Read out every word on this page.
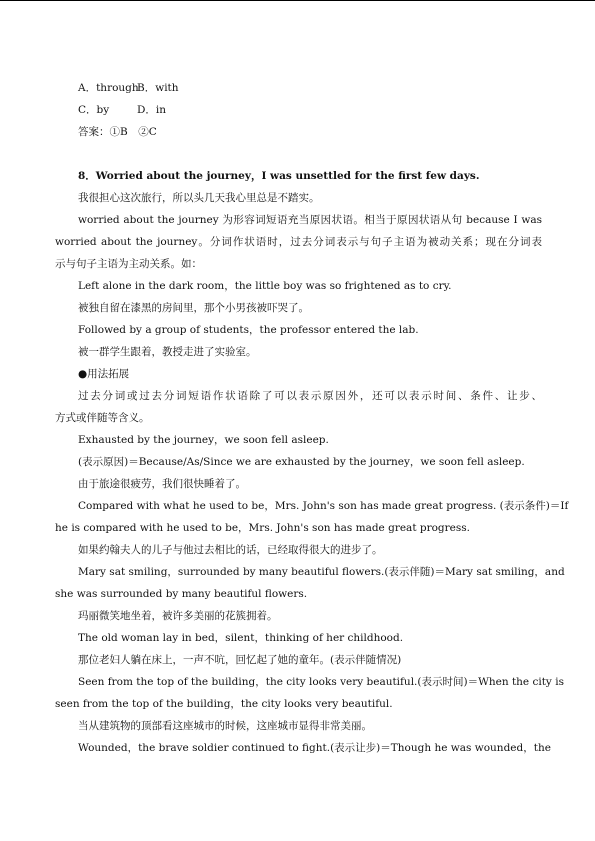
A．throughB．with
C．by	D．in
答案：①B　②C
8．Worried about the journey，I was unsettled for the first few days.
我很担心这次旅行，所以头几天我心里总是不踏实。
worried about the journey 为形容词短语充当原因状语。相当于原因状语从句 because I was
worried about the journey。分词作状语时，过去分词表示与句子主语为被动关系；现在分词表
示与句子主语为主动关系。如：
Left alone in the dark room，the little boy was so frightened as to cry.
被独自留在漆黑的房间里，那个小男孩被吓哭了。
Followed by a group of students，the professor entered the lab.
被一群学生跟着，教授走进了实验室。
●用法拓展
过去分词或过去分词短语作状语除了可以表示原因外，还可以表示时间、条件、让步、
方式或伴随等含义。
Exhausted by the journey，we soon fell asleep.
(表示原因)＝Because/As/Since we are exhausted by the journey，we soon fell asleep.
由于旅途很疲劳，我们很快睡着了。
Compared with what he used to be，Mrs. John's son has made great progress. (表示条件)＝If
he is compared with he used to be，Mrs. John's son has made great progress.
如果约翰夫人的儿子与他过去相比的话，已经取得很大的进步了。
Mary sat smiling，surrounded by many beautiful flowers.(表示伴随)＝Mary sat smiling，and
she was surrounded by many beautiful flowers.
玛丽微笑地坐着，被许多美丽的花簇拥着。
The old woman lay in bed，silent，thinking of her childhood.
那位老妇人躺在床上，一声不吭，回忆起了她的童年。(表示伴随情况)
Seen from the top of the building，the city looks very beautiful.(表示时间)＝When the city is
seen from the top of the building，the city looks very beautiful.
当从建筑物的顶部看这座城市的时候，这座城市显得非常美丽。
Wounded，the brave soldier continued to fight.(表示让步)＝Though he was wounded，the
